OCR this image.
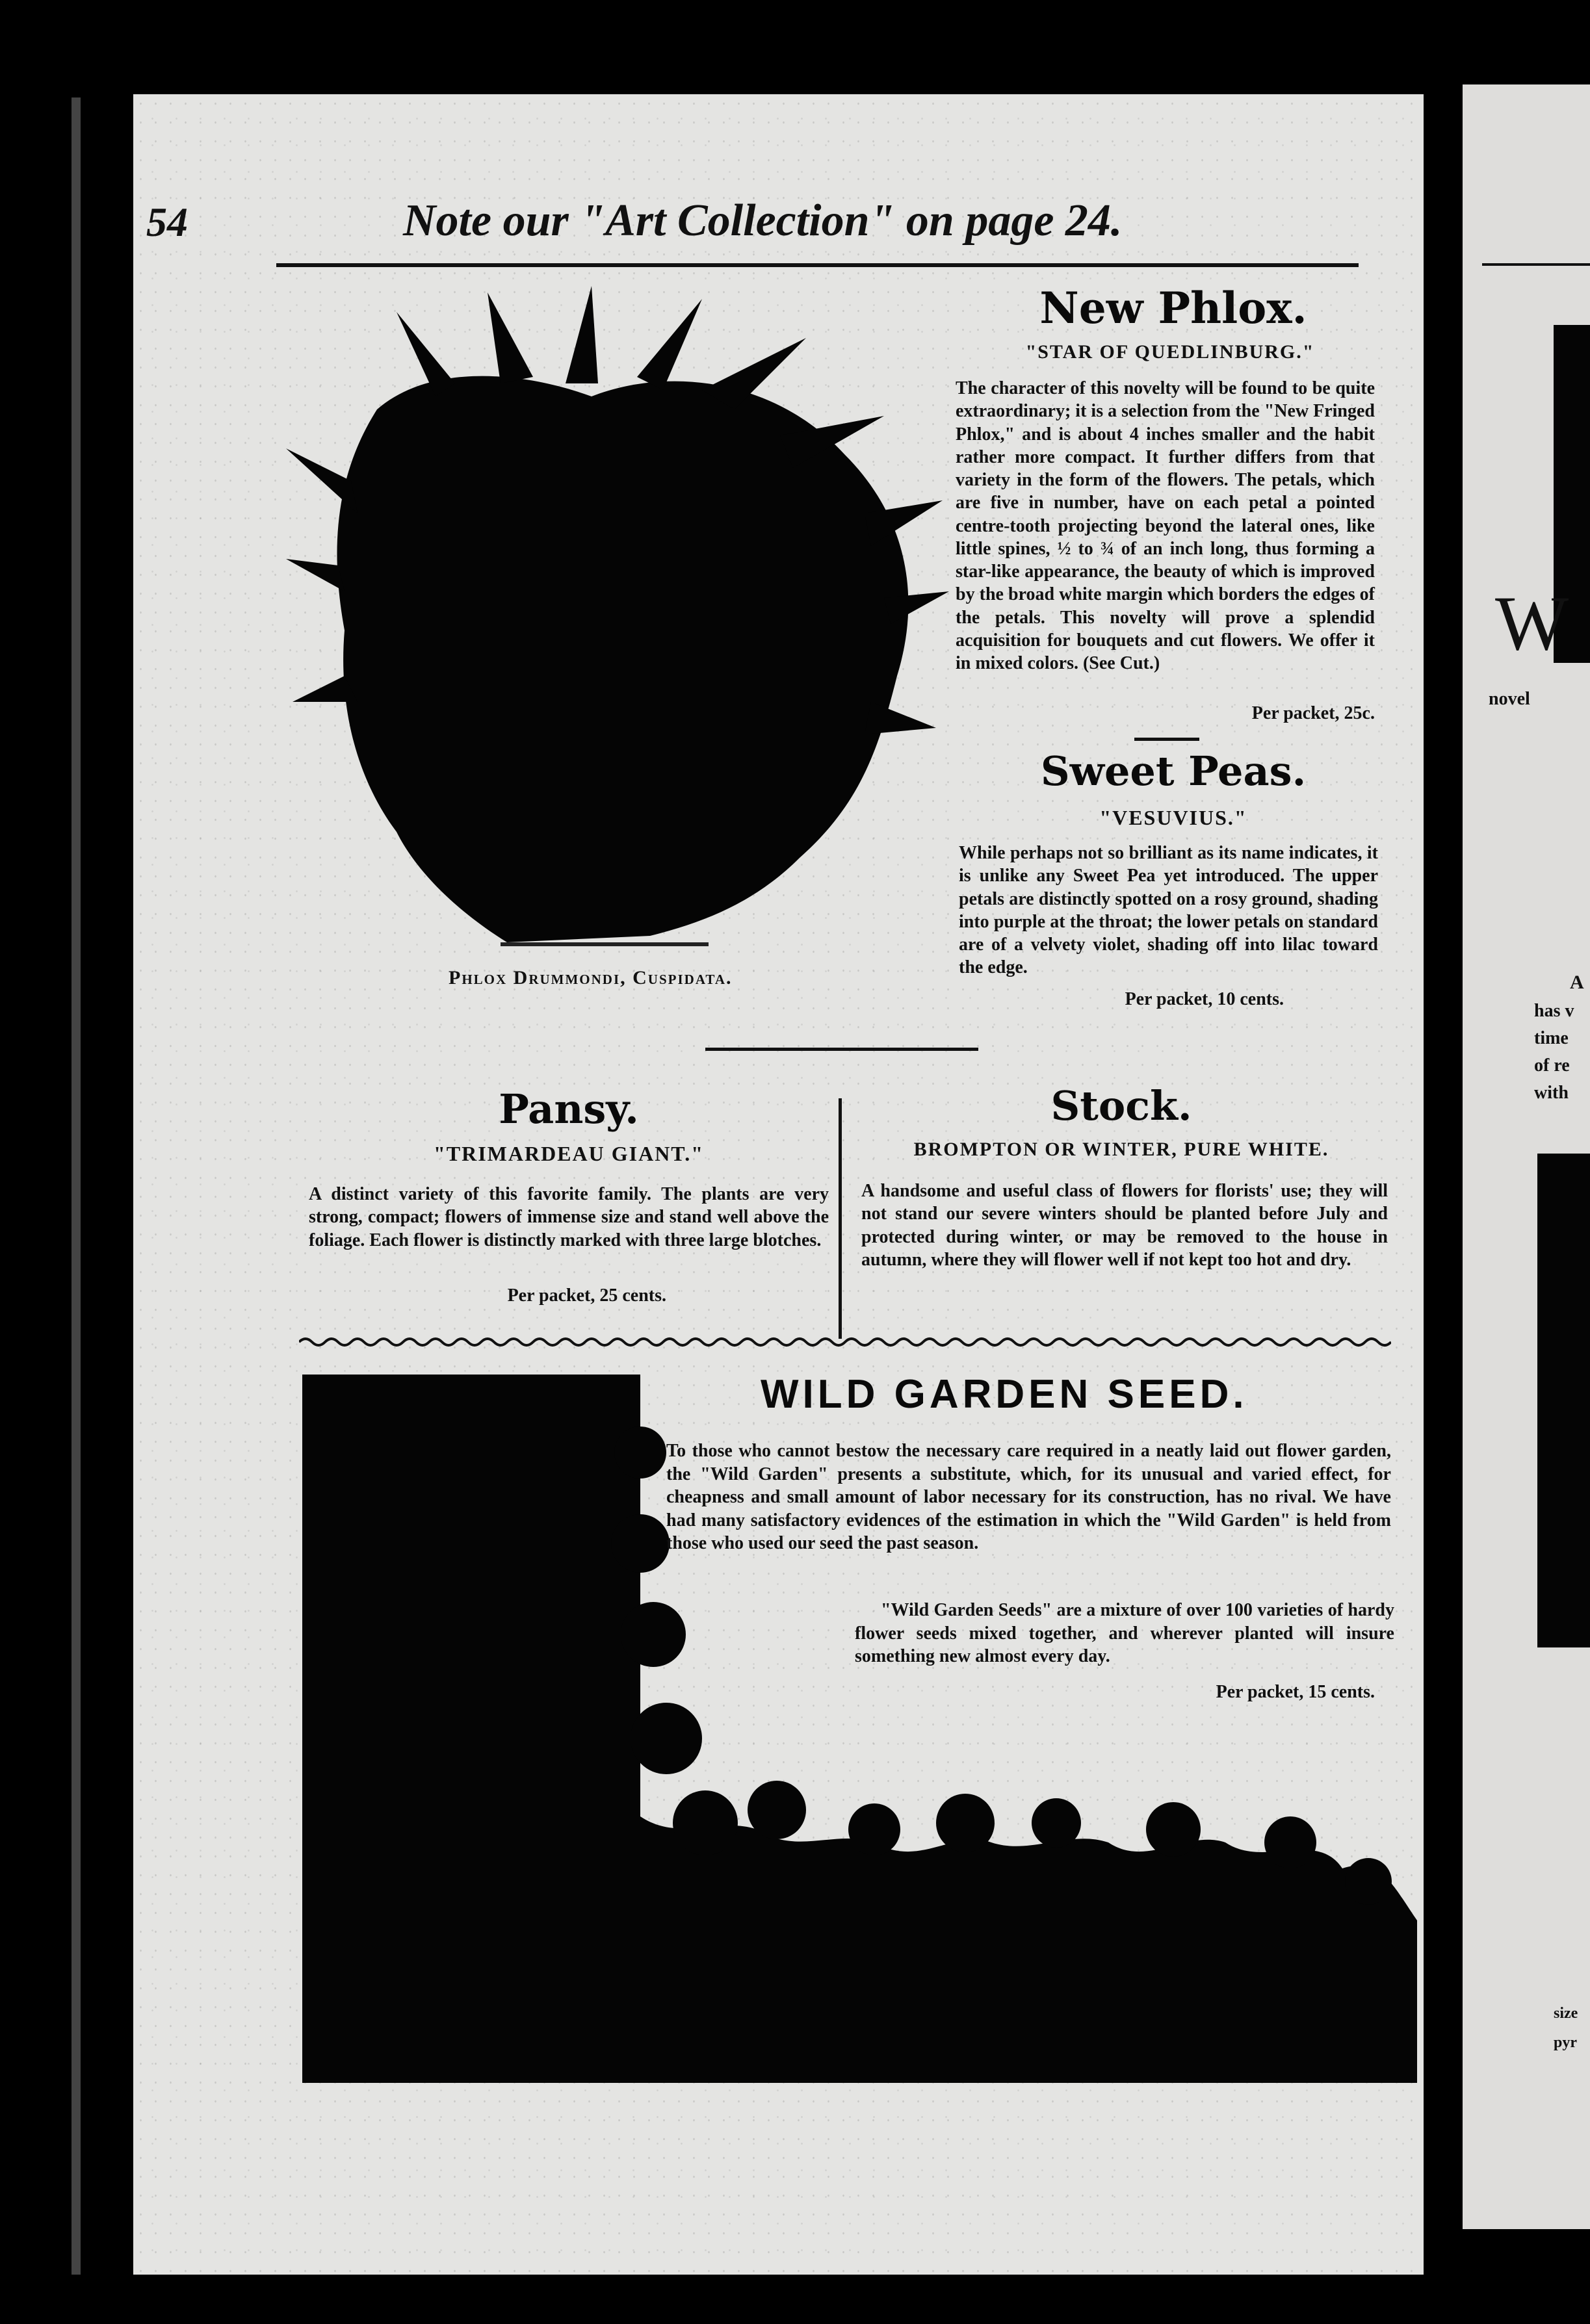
54	Note our "Art Collection" on page 24.
Phlox Drummondi, Cuspidata.
New Phlox.
"STAR OF QUEDLINBURG."
The character of this novelty will be found to be quite extraordinary; it is a selection from the "New Fringed Phlox," and is about 4 inches smaller and the habit rather more compact. It further differs from that variety in the form of the flowers. The petals, which are five in number, have on each petal a pointed centre-tooth projecting beyond the lateral ones, like little spines, ½ to ¾ of an inch long, thus forming a star-like appearance, the beauty of which is improved by the broad white margin which borders the edges of the petals. This novelty will prove a splendid acquisition for bouquets and cut flowers. We offer it in mixed colors. (See Cut.)
Per packet, 25c.
Sweet Peas.
"VESUVIUS."
While perhaps not so brilliant as its name indicates, it is unlike any Sweet Pea yet introduced. The upper petals are distinctly spotted on a rosy ground, shading into purple at the throat; the lower petals on standard are of a velvety violet, shading off into lilac toward the edge.
Per packet, 10 cents.
Pansy.
"TRIMARDEAU GIANT."
A distinct variety of this favorite family. The plants are very strong, compact; flowers of immense size and stand well above the foliage. Each flower is distinctly marked with three large blotches.
Per packet, 25 cents.
Stock.
BROMPTON OR WINTER, PURE WHITE.
A handsome and useful class of flowers for florists' use; they will not stand our severe winters should be planted before July and protected during winter, or may be removed to the house in autumn, where they will flower well if not kept too hot and dry.
WILD GARDEN SEED.
To those who cannot bestow the necessary care required in a neatly laid out flower garden, the "Wild Garden" presents a substitute, which, for its unusual and varied effect, for cheapness and small amount of labor necessary for its construction, has no rival. We have had many satisfactory evidences of the estimation in which the "Wild Garden" is held from those who used our seed the past season.
"Wild Garden Seeds" are a mixture of over 100 varieties of hardy flower seeds mixed together, and wherever planted will insure something new almost every day.
Per packet, 15 cents.
W
novel
A
has v
time
of re
with
size
pyr
